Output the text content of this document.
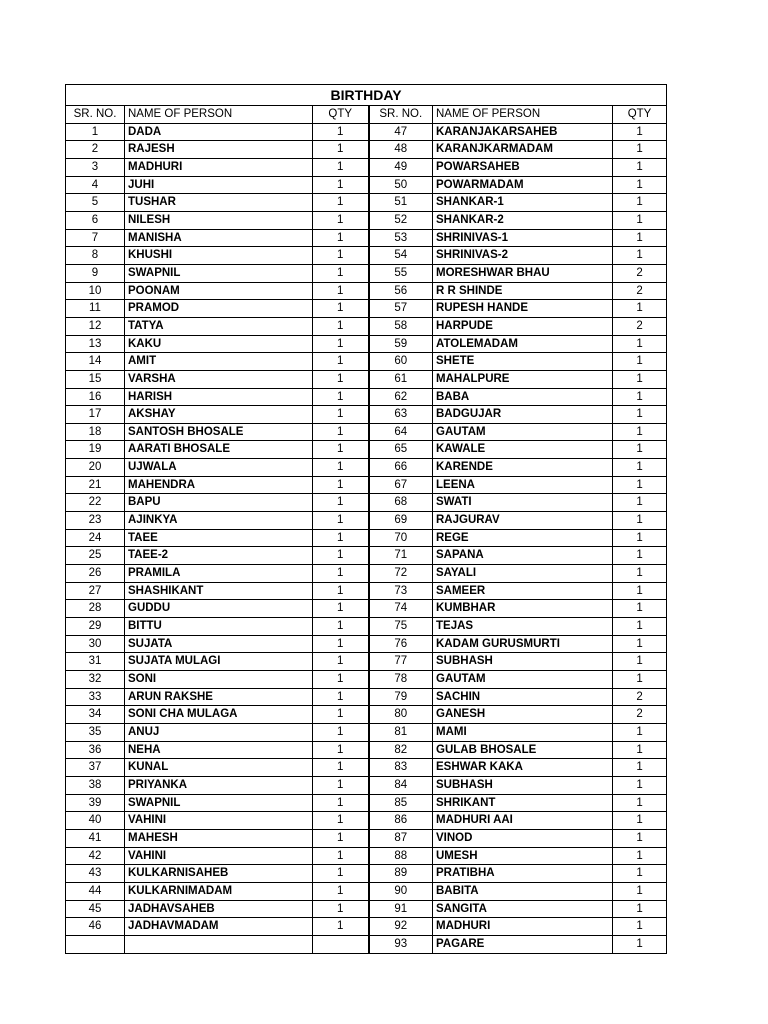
BIRTHDAY					
SR. NO.	NAME OF PERSON	QTY	SR. NO.	NAME OF PERSON	QTY
1	DADA	1	47	KARANJAKARSAHEB	1
2	RAJESH	1	48	KARANJKARMADAM	1
3	MADHURI	1	49	POWARSAHEB	1
4	JUHI	1	50	POWARMADAM	1
5	TUSHAR	1	51	SHANKAR-1	1
6	NILESH	1	52	SHANKAR-2	1
7	MANISHA	1	53	SHRINIVAS-1	1
8	KHUSHI	1	54	SHRINIVAS-2	1
9	SWAPNIL	1	55	MORESHWAR BHAU	2
10	POONAM	1	56	R R SHINDE	2
11	PRAMOD	1	57	RUPESH HANDE	1
12	TATYA	1	58	HARPUDE	2
13	KAKU	1	59	ATOLEMADAM	1
14	AMIT	1	60	SHETE	1
15	VARSHA	1	61	MAHALPURE	1
16	HARISH	1	62	BABA	1
17	AKSHAY	1	63	BADGUJAR	1
18	SANTOSH BHOSALE	1	64	GAUTAM	1
19	AARATI BHOSALE	1	65	KAWALE	1
20	UJWALA	1	66	KARENDE	1
21	MAHENDRA	1	67	LEENA	1
22	BAPU	1	68	SWATI	1
23	AJINKYA	1	69	RAJGURAV	1
24	TAEE	1	70	REGE	1
25	TAEE-2	1	71	SAPANA	1
26	PRAMILA	1	72	SAYALI	1
27	SHASHIKANT	1	73	SAMEER	1
28	GUDDU	1	74	KUMBHAR	1
29	BITTU	1	75	TEJAS	1
30	SUJATA	1	76	KADAM GURUSMURTI	1
31	SUJATA MULAGI	1	77	SUBHASH	1
32	SONI	1	78	GAUTAM	1
33	ARUN RAKSHE	1	79	SACHIN	2
34	SONI CHA MULAGA	1	80	GANESH	2
35	ANUJ	1	81	MAMI	1
36	NEHA	1	82	GULAB BHOSALE	1
37	KUNAL	1	83	ESHWAR KAKA	1
38	PRIYANKA	1	84	SUBHASH	1
39	SWAPNIL	1	85	SHRIKANT	1
40	VAHINI	1	86	MADHURI AAI	1
41	MAHESH	1	87	VINOD	1
42	VAHINI	1	88	UMESH	1
43	KULKARNISAHEB	1	89	PRATIBHA	1
44	KULKARNIMADAM	1	90	BABITA	1
45	JADHAVSAHEB	1	91	SANGITA	1
46	JADHAVMADAM	1	92	MADHURI	1
			93	PAGARE	1
